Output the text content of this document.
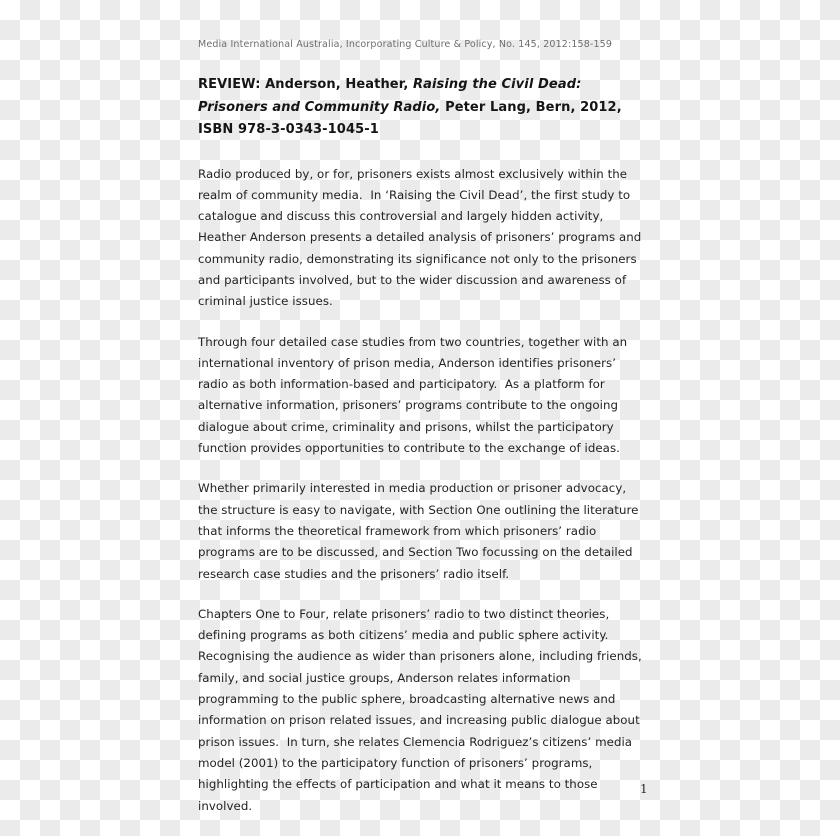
Media International Australia, Incorporating Culture & Policy, No. 145, 2012:158-159
REVIEW: Anderson, Heather, Raising the Civil Dead: Prisoners and Community Radio, Peter Lang, Bern, 2012, ISBN 978-3-0343-1045-1

Radio produced by, or for, prisoners exists almost exclusively within the realm of community media.  In ‘Raising the Civil Dead’, the first study to catalogue and discuss this controversial and largely hidden activity, Heather Anderson presents a detailed analysis of prisoners’ programs and community radio, demonstrating its significance not only to the prisoners and participants involved, but to the wider discussion and awareness of criminal justice issues.

Through four detailed case studies from two countries, together with an international inventory of prison media, Anderson identifies prisoners’ radio as both information-based and participatory.  As a platform for alternative information, prisoners’ programs contribute to the ongoing dialogue about crime, criminality and prisons, whilst the participatory function provides opportunities to contribute to the exchange of ideas.

Whether primarily interested in media production or prisoner advocacy, the structure is easy to navigate, with Section One outlining the literature that informs the theoretical framework from which prisoners’ radio programs are to be discussed, and Section Two focussing on the detailed research case studies and the prisoners’ radio itself.

Chapters One to Four, relate prisoners’ radio to two distinct theories, defining programs as both citizens’ media and public sphere activity.  Recognising the audience as wider than prisoners alone, including friends, family, and social justice groups, Anderson relates information programming to the public sphere, broadcasting alternative news and information on prison related issues, and increasing public dialogue about prison issues.  In turn, she relates Clemencia Rodriguez’s citizens’ media model (2001) to the participatory function of prisoners’ programs, highlighting the effects of participation and what it means to those involved.

1
